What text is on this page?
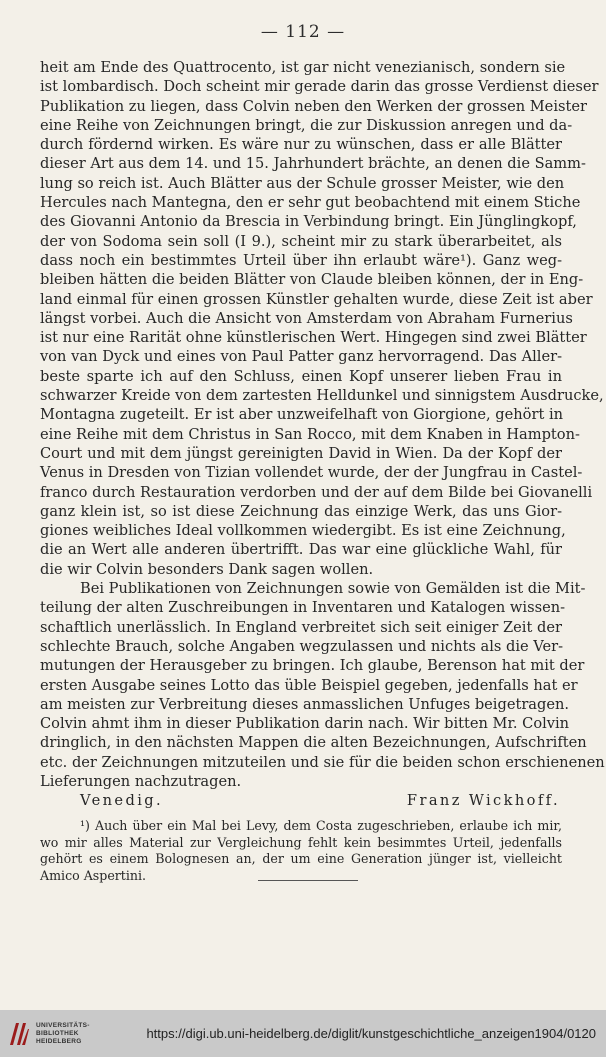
— 112 —
heit am Ende des Quattrocento, ist gar nicht venezianisch, sondern sie
ist lombardisch. Doch scheint mir gerade darin das grosse Verdienst dieser
Publikation zu liegen, dass Colvin neben den Werken der grossen Meister
eine Reihe von Zeichnungen bringt, die zur Diskussion anregen und da-
durch fördernd wirken. Es wäre nur zu wünschen, dass er alle Blätter
dieser Art aus dem 14. und 15. Jahrhundert brächte, an denen die Samm-
lung so reich ist. Auch Blätter aus der Schule grosser Meister, wie den
Hercules nach Mantegna, den er sehr gut beobachtend mit einem Stiche
des Giovanni Antonio da Brescia in Verbindung bringt. Ein Jünglingkopf,
der von Sodoma sein soll (I 9.), scheint mir zu stark überarbeitet, als
dass noch ein bestimmtes Urteil über ihn erlaubt wäre¹). Ganz weg-
bleiben hätten die beiden Blätter von Claude bleiben können, der in Eng-
land einmal für einen grossen Künstler gehalten wurde, diese Zeit ist aber
längst vorbei. Auch die Ansicht von Amsterdam von Abraham Furnerius
ist nur eine Rarität ohne künstlerischen Wert. Hingegen sind zwei Blätter
von van Dyck und eines von Paul Patter ganz hervorragend. Das Aller-
beste sparte ich auf den Schluss, einen Kopf unserer lieben Frau in
schwarzer Kreide von dem zartesten Helldunkel und sinnigstem Ausdrucke,
Montagna zugeteilt. Er ist aber unzweifelhaft von Giorgione, gehört in
eine Reihe mit dem Christus in San Rocco, mit dem Knaben in Hampton-
Court und mit dem jüngst gereinigten David in Wien. Da der Kopf der
Venus in Dresden von Tizian vollendet wurde, der der Jungfrau in Castel-
franco durch Restauration verdorben und der auf dem Bilde bei Giovanelli
ganz klein ist, so ist diese Zeichnung das einzige Werk, das uns Gior-
giones weibliches Ideal vollkommen wiedergibt. Es ist eine Zeichnung,
die an Wert alle anderen übertrifft. Das war eine glückliche Wahl, für
die wir Colvin besonders Dank sagen wollen.
Bei Publikationen von Zeichnungen sowie von Gemälden ist die Mit-
teilung der alten Zuschreibungen in Inventaren und Katalogen wissen-
schaftlich unerlässlich. In England verbreitet sich seit einiger Zeit der
schlechte Brauch, solche Angaben wegzulassen und nichts als die Ver-
mutungen der Herausgeber zu bringen. Ich glaube, Berenson hat mit der
ersten Ausgabe seines Lotto das üble Beispiel gegeben, jedenfalls hat er
am meisten zur Verbreitung dieses anmasslichen Unfuges beigetragen.
Colvin ahmt ihm in dieser Publikation darin nach. Wir bitten Mr. Colvin
dringlich, in den nächsten Mappen die alten Bezeichnungen, Aufschriften
etc. der Zeichnungen mitzuteilen und sie für die beiden schon erschienenen
Lieferungen nachzutragen.
Venedig.	Franz Wickhoff.
¹) Auch über ein Mal bei Levy, dem Costa zugeschrieben, erlaube ich mir,
wo mir alles Material zur Vergleichung fehlt kein besimmtes Urteil, jedenfalls
gehört es einem Bolognesen an, der um eine Generation jünger ist, vielleicht
Amico Aspertini.
UNIVERSITÄTS-
BIBLIOTHEK
HEIDELBERG	https://digi.ub.uni-heidelberg.de/diglit/kunstgeschichtliche_anzeigen1904/0120
